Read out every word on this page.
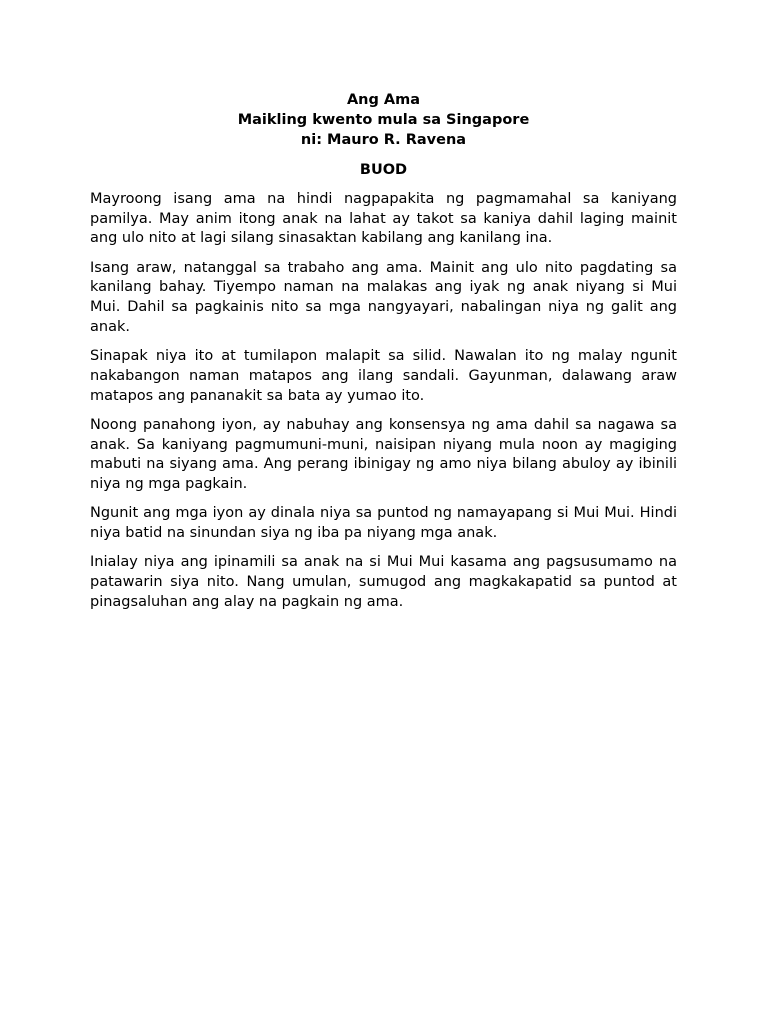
Ang Ama

Maikling kwento mula sa Singapore

ni: Mauro R. Ravena

BUOD

Mayroong isang ama na hindi nagpapakita ng pagmamahal sa kaniyang pamilya. May anim itong anak na lahat ay takot sa kaniya dahil laging mainit ang ulo nito at lagi silang sinasaktan kabilang ang kanilang ina.

Isang araw, natanggal sa trabaho ang ama. Mainit ang ulo nito pagdating sa kanilang bahay. Tiyempo naman na malakas ang iyak ng anak niyang si Mui Mui. Dahil sa pagkainis nito sa mga nangyayari, nabalingan niya ng galit ang anak.

Sinapak niya ito at tumilapon malapit sa silid. Nawalan ito ng malay ngunit nakabangon naman matapos ang ilang sandali. Gayunman, dalawang araw matapos ang pananakit sa bata ay yumao ito.

Noong panahong iyon, ay nabuhay ang konsensya ng ama dahil sa nagawa sa anak. Sa kaniyang pagmumuni-muni, naisipan niyang mula noon ay magiging mabuti na siyang ama. Ang perang ibinigay ng amo niya bilang abuloy ay ibinili niya ng mga pagkain.

Ngunit ang mga iyon ay dinala niya sa puntod ng namayapang si Mui Mui. Hindi niya batid na sinundan siya ng iba pa niyang mga anak.

Inialay niya ang ipinamili sa anak na si Mui Mui kasama ang pagsusumamo na patawarin siya nito. Nang umulan, sumugod ang magkakapatid sa puntod at pinagsaluhan ang alay na pagkain ng ama.
